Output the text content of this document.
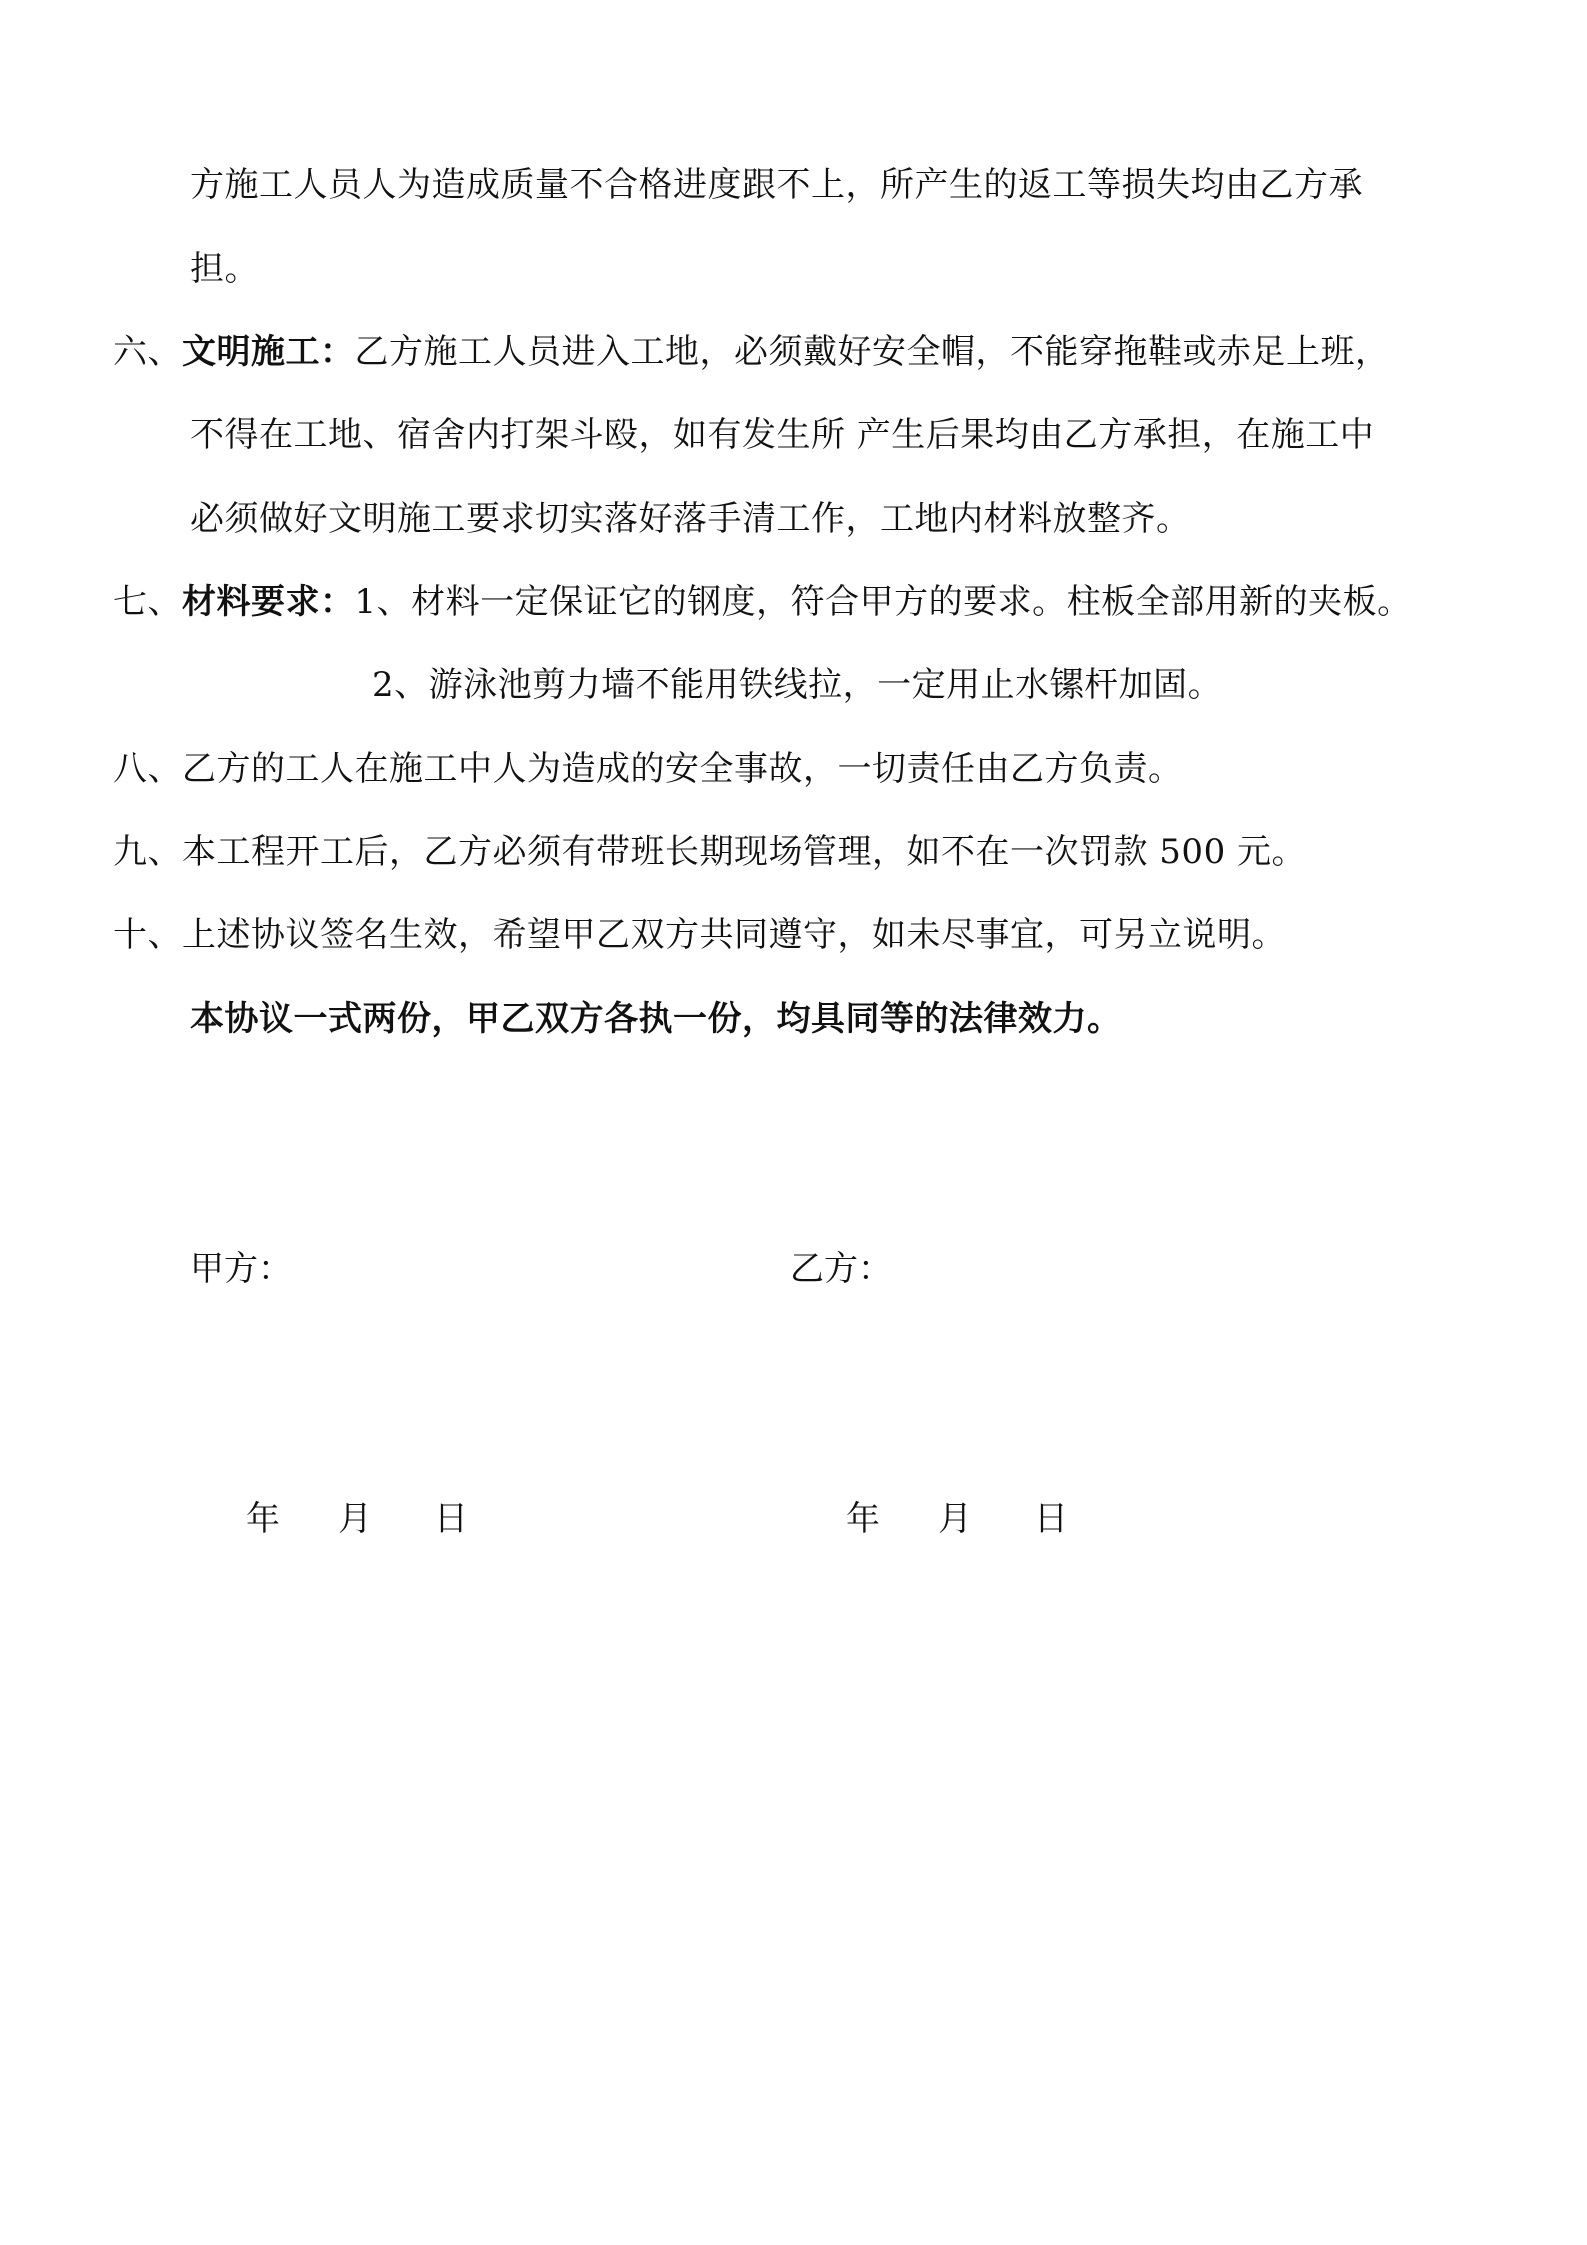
方施工人员人为造成质量不合格进度跟不上，所产生的返工等损失均由乙方承
担。
六、文明施工：乙方施工人员进入工地，必须戴好安全帽，不能穿拖鞋或赤足上班，
不得在工地、宿舍内打架斗殴，如有发生所 产生后果均由乙方承担，在施工中
必须做好文明施工要求切实落好落手清工作，工地内材料放整齐。
七、材料要求：1、材料一定保证它的钢度，符合甲方的要求。柱板全部用新的夹板。
2、游泳池剪力墙不能用铁线拉，一定用止水镙杆加固。
八、乙方的工人在施工中人为造成的安全事故，一切责任由乙方负责。
九、本工程开工后，乙方必须有带班长期现场管理，如不在一次罚款 500 元。
十、上述协议签名生效，希望甲乙双方共同遵守，如未尽事宜，可另立说明。
本协议一式两份，甲乙双方各执一份，均具同等的法律效力。
甲方：	乙方：
年 月 日	年 月 日
